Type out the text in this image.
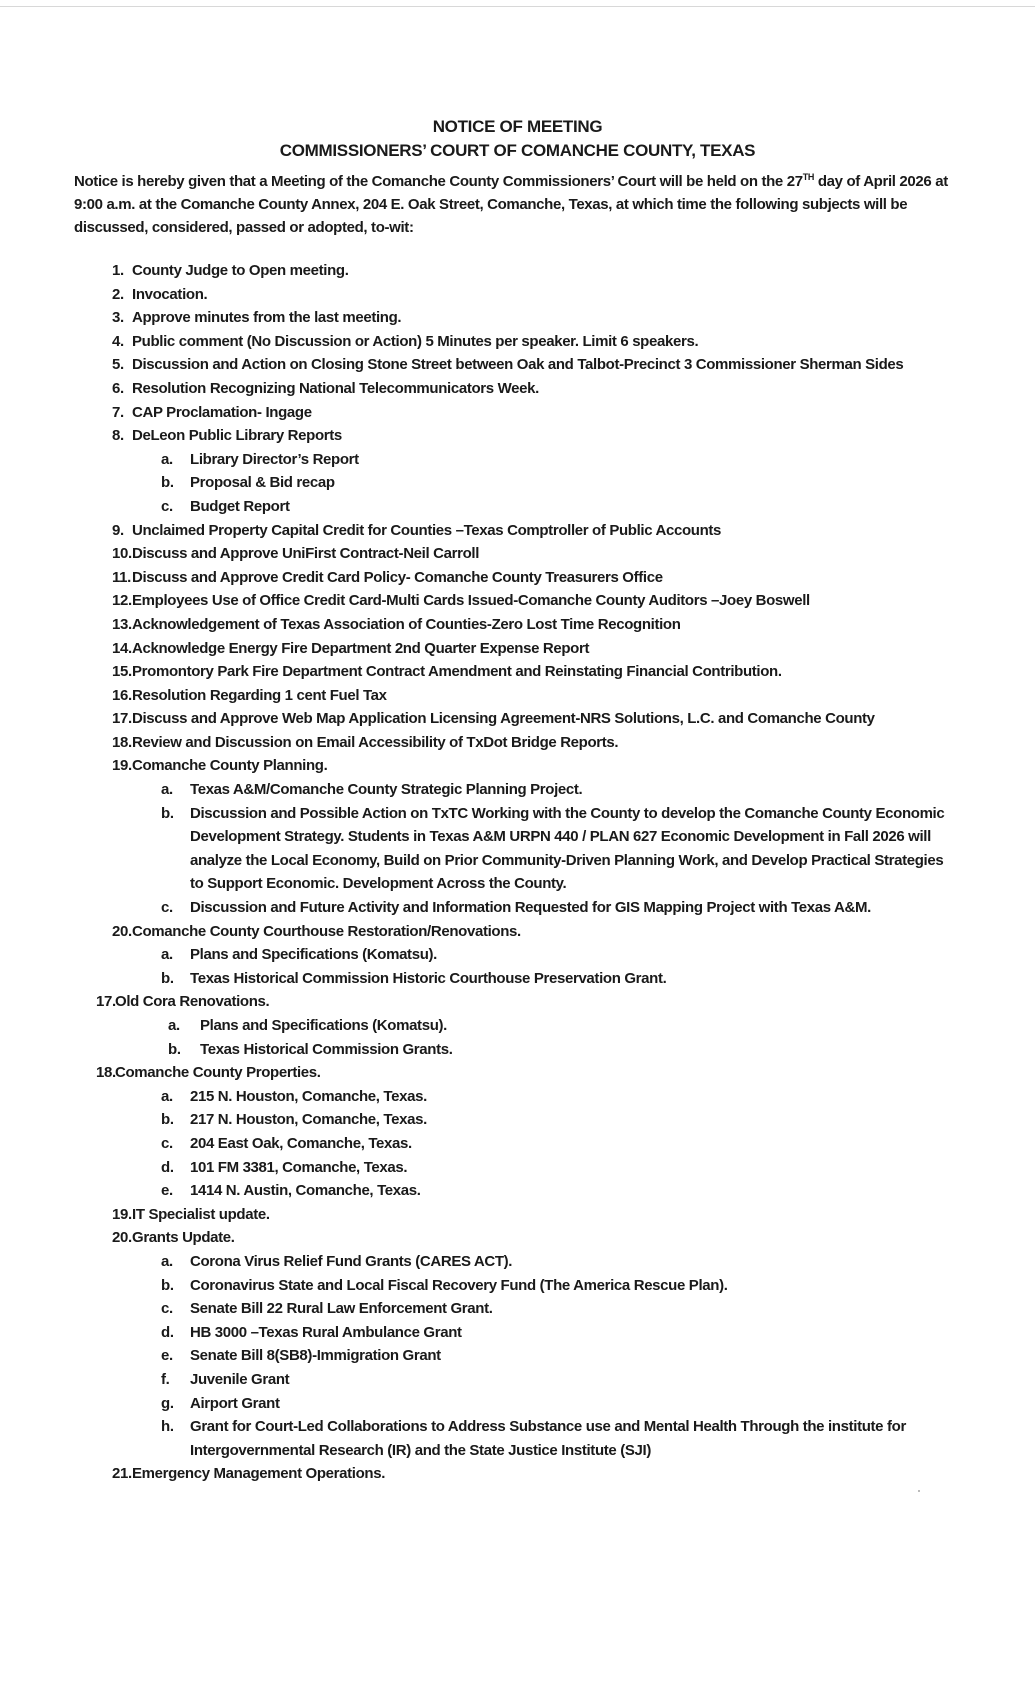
NOTICE OF MEETING
COMMISSIONERS’ COURT OF COMANCHE COUNTY, TEXAS
Notice is hereby given that a Meeting of the Comanche County Commissioners’ Court will be held on the 27TH day of April 2026 at 9:00 a.m. at the Comanche County Annex, 204 E. Oak Street, Comanche, Texas, at which time the following subjects will be discussed, considered, passed or adopted, to-wit:
1. County Judge to Open meeting.
2. Invocation.
3. Approve minutes from the last meeting.
4. Public comment (No Discussion or Action) 5 Minutes per speaker. Limit 6 speakers.
5. Discussion and Action on Closing Stone Street between Oak and Talbot-Precinct 3 Commissioner Sherman Sides
6. Resolution Recognizing National Telecommunicators Week.
7. CAP Proclamation- Ingage
8. DeLeon Public Library Reports
a. Library Director’s Report
b. Proposal & Bid recap
c. Budget Report
9. Unclaimed Property Capital Credit for Counties –Texas Comptroller of Public Accounts
10. Discuss and Approve UniFirst Contract-Neil Carroll
11. Discuss and Approve Credit Card Policy- Comanche County Treasurers Office
12. Employees Use of Office Credit Card-Multi Cards Issued-Comanche County Auditors –Joey Boswell
13. Acknowledgement of Texas Association of Counties-Zero Lost Time Recognition
14. Acknowledge Energy Fire Department 2nd Quarter Expense Report
15. Promontory Park Fire Department Contract Amendment and Reinstating Financial Contribution.
16. Resolution Regarding 1 cent Fuel Tax
17. Discuss and Approve Web Map Application Licensing Agreement-NRS Solutions, L.C. and Comanche County
18. Review and Discussion on Email Accessibility of TxDot Bridge Reports.
19. Comanche County Planning.
a. Texas A&M/Comanche County Strategic Planning Project.
b. Discussion and Possible Action on TxTC Working with the County to develop the Comanche County Economic Development Strategy. Students in Texas A&M URPN 440 / PLAN 627 Economic Development in Fall 2026 will analyze the Local Economy, Build on Prior Community-Driven Planning Work, and Develop Practical Strategies to Support Economic. Development Across the County.
c. Discussion and Future Activity and Information Requested for GIS Mapping Project with Texas A&M.
20. Comanche County Courthouse Restoration/Renovations.
a. Plans and Specifications (Komatsu).
b. Texas Historical Commission Historic Courthouse Preservation Grant.
17. Old Cora Renovations.
a. Plans and Specifications (Komatsu).
b. Texas Historical Commission Grants.
18. Comanche County Properties.
a. 215 N. Houston, Comanche, Texas.
b. 217 N. Houston, Comanche, Texas.
c. 204 East Oak, Comanche, Texas.
d. 101 FM 3381, Comanche, Texas.
e. 1414 N. Austin, Comanche, Texas.
19. IT Specialist update.
20. Grants Update.
a. Corona Virus Relief Fund Grants (CARES ACT).
b. Coronavirus State and Local Fiscal Recovery Fund (The America Rescue Plan).
c. Senate Bill 22 Rural Law Enforcement Grant.
d. HB 3000 –Texas Rural Ambulance Grant
e. Senate Bill 8(SB8)-Immigration Grant
f. Juvenile Grant
g. Airport Grant
h. Grant for Court-Led Collaborations to Address Substance use and Mental Health Through the institute for Intergovernmental Research (IR) and the State Justice Institute (SJI)
21. Emergency Management Operations.
